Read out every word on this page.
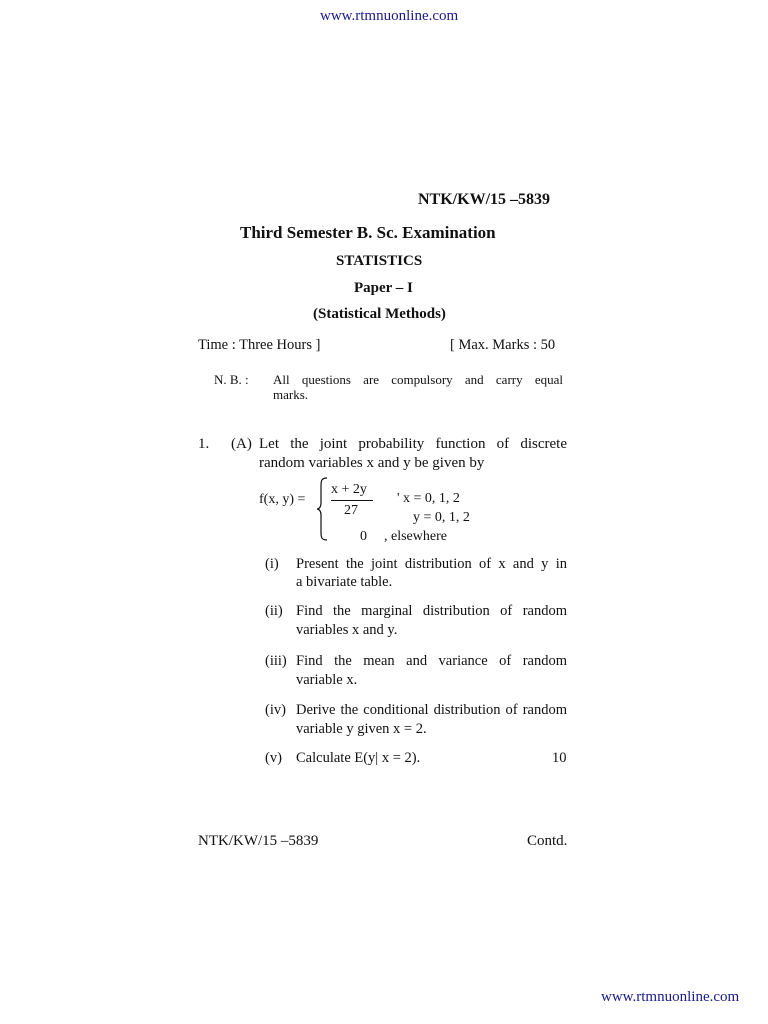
www.rtmnuonline.com
NTK/KW/15 –5839
Third Semester B. Sc. Examination
STATISTICS
Paper – I
(Statistical Methods)
Time : Three Hours ]	[ Max. Marks : 50
N. B. : All questions are compulsory and carry equal
marks.
1. (A) Let the joint probability function of discrete
random variables x and y be given by
f(x, y) =
x + 2y
27
' x = 0, 1, 2
y = 0, 1, 2
0 , elsewhere
(i) Present the joint distribution of x and y in
a bivariate table.
(ii) Find the marginal distribution of random
variables x and y.
(iii) Find the mean and variance of random
variable x.
(iv) Derive the conditional distribution of random
variable y given x = 2.
(v) Calculate E(y| x = 2).	10
NTK/KW/15 –5839	Contd.
www.rtmnuonline.com
